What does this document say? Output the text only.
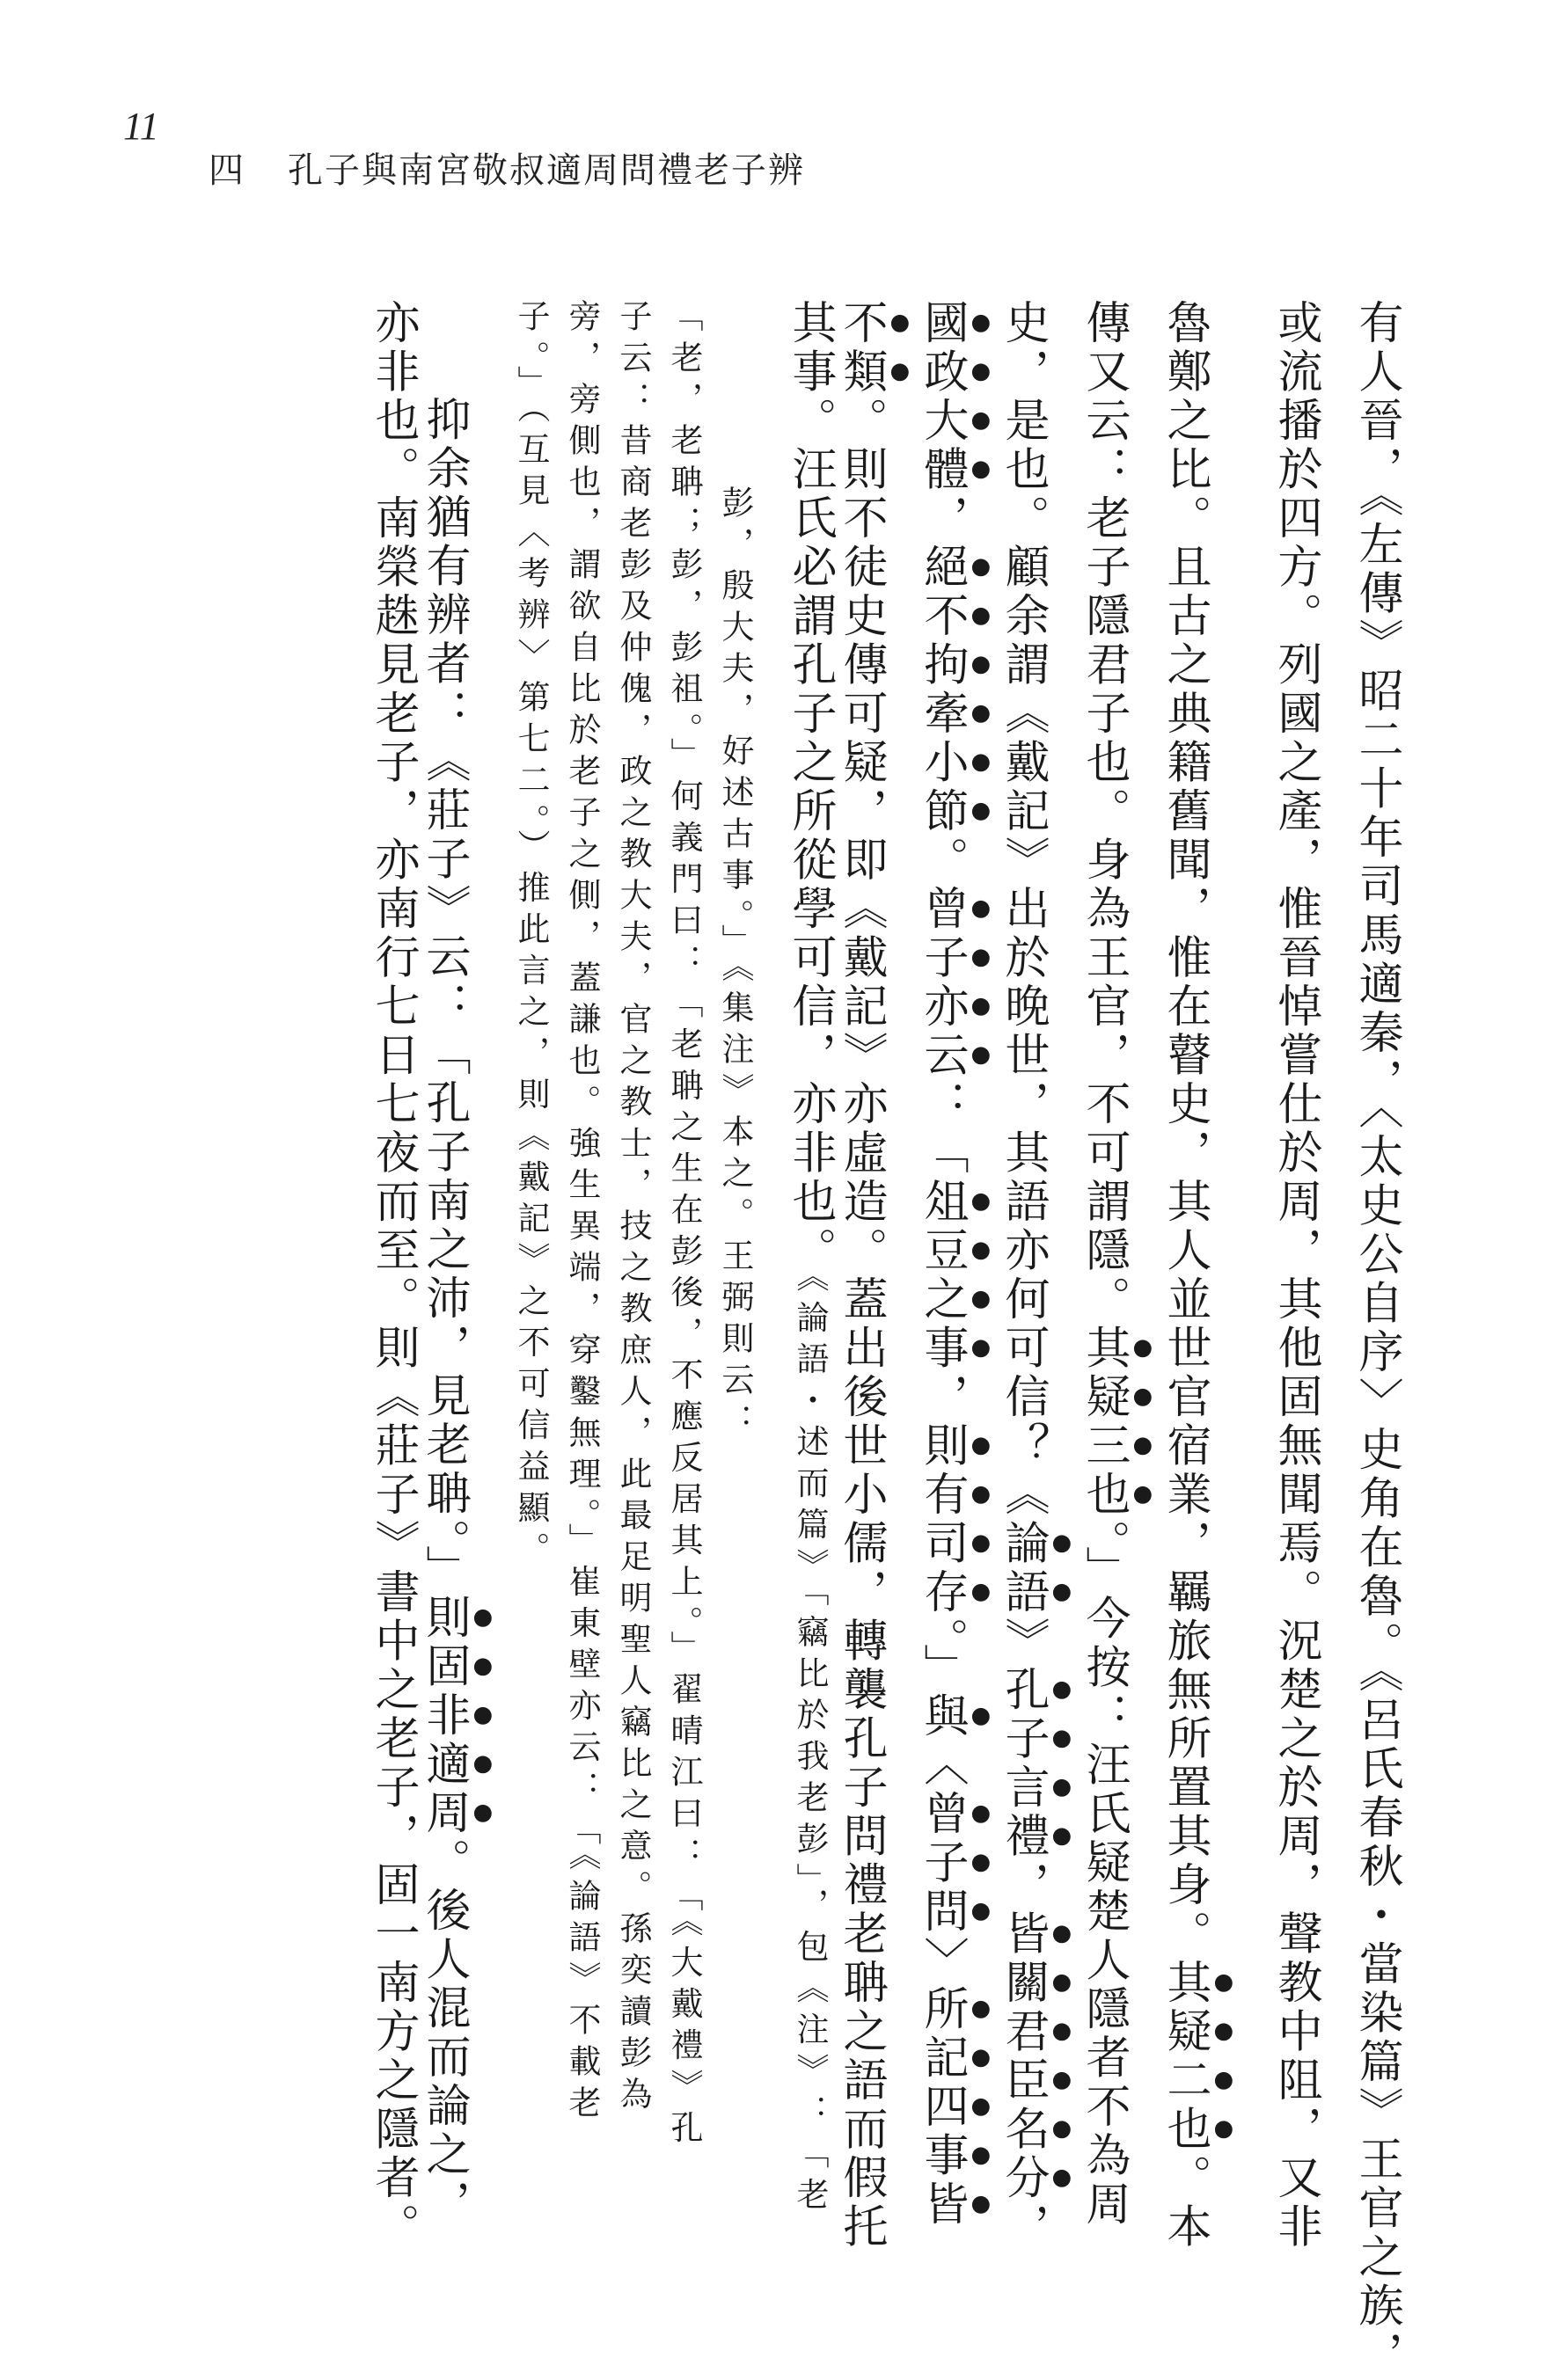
11
四 孔子與南宮敬叔適周問禮老子辨
有人晉，《左傳》昭二十年司馬適秦，〈太史公自序〉史角在魯。《呂氏春秋・當染篇》王官之族，
或流播於四方。列國之產，惟晉悼嘗仕於周，其他固無聞焉。況楚之於周，聲教中阻，又非
魯鄭之比。且古之典籍舊聞，惟在瞽史，其人並世官宿業，羈旅無所置其身。其疑二也。本
傳又云：老子隱君子也。身為王官，不可謂隱。其疑三也。」今按：汪氏疑楚人隱者不為周
史，是也。顧余謂《戴記》出於晚世，其語亦何可信？《論語》孔子言禮，皆關君臣名分，
國政大體，絕不拘牽小節。曾子亦云：「俎豆之事，則有司存。」與〈曾子問〉所記四事皆
不類。則不徒史傳可疑，即《戴記》亦虛造。蓋出後世小儒，轉襲孔子問禮老聃之語而假托
其事。汪氏必謂孔子之所從學可信，亦非也。《論語・述而篇》「竊比於我老彭」，包《注》：「老
彭，殷大夫，好述古事。」《集注》本之。王弼則云：
「老，老聃；彭，彭祖。」何義門曰：「老聃之生在彭後，不應反居其上。」翟晴江曰：「《大戴禮》孔
子云：昔商老彭及仲傀，政之教大夫，官之教士，技之教庶人，此最足明聖人竊比之意。孫奕讀彭為
旁，旁側也，謂欲自比於老子之側，蓋謙也。強生異端，穿鑿無理。」崔東壁亦云：「《論語》不載老
子。」（互見〈考辨〉第七二。）推此言之，則《戴記》之不可信益顯。
抑余猶有辨者：《莊子》云：「孔子南之沛，見老聃。」則固非適周。後人混而論之，
亦非也。南榮趎見老子，亦南行七日七夜而至。則《莊子》書中之老子，固一南方之隱者。
